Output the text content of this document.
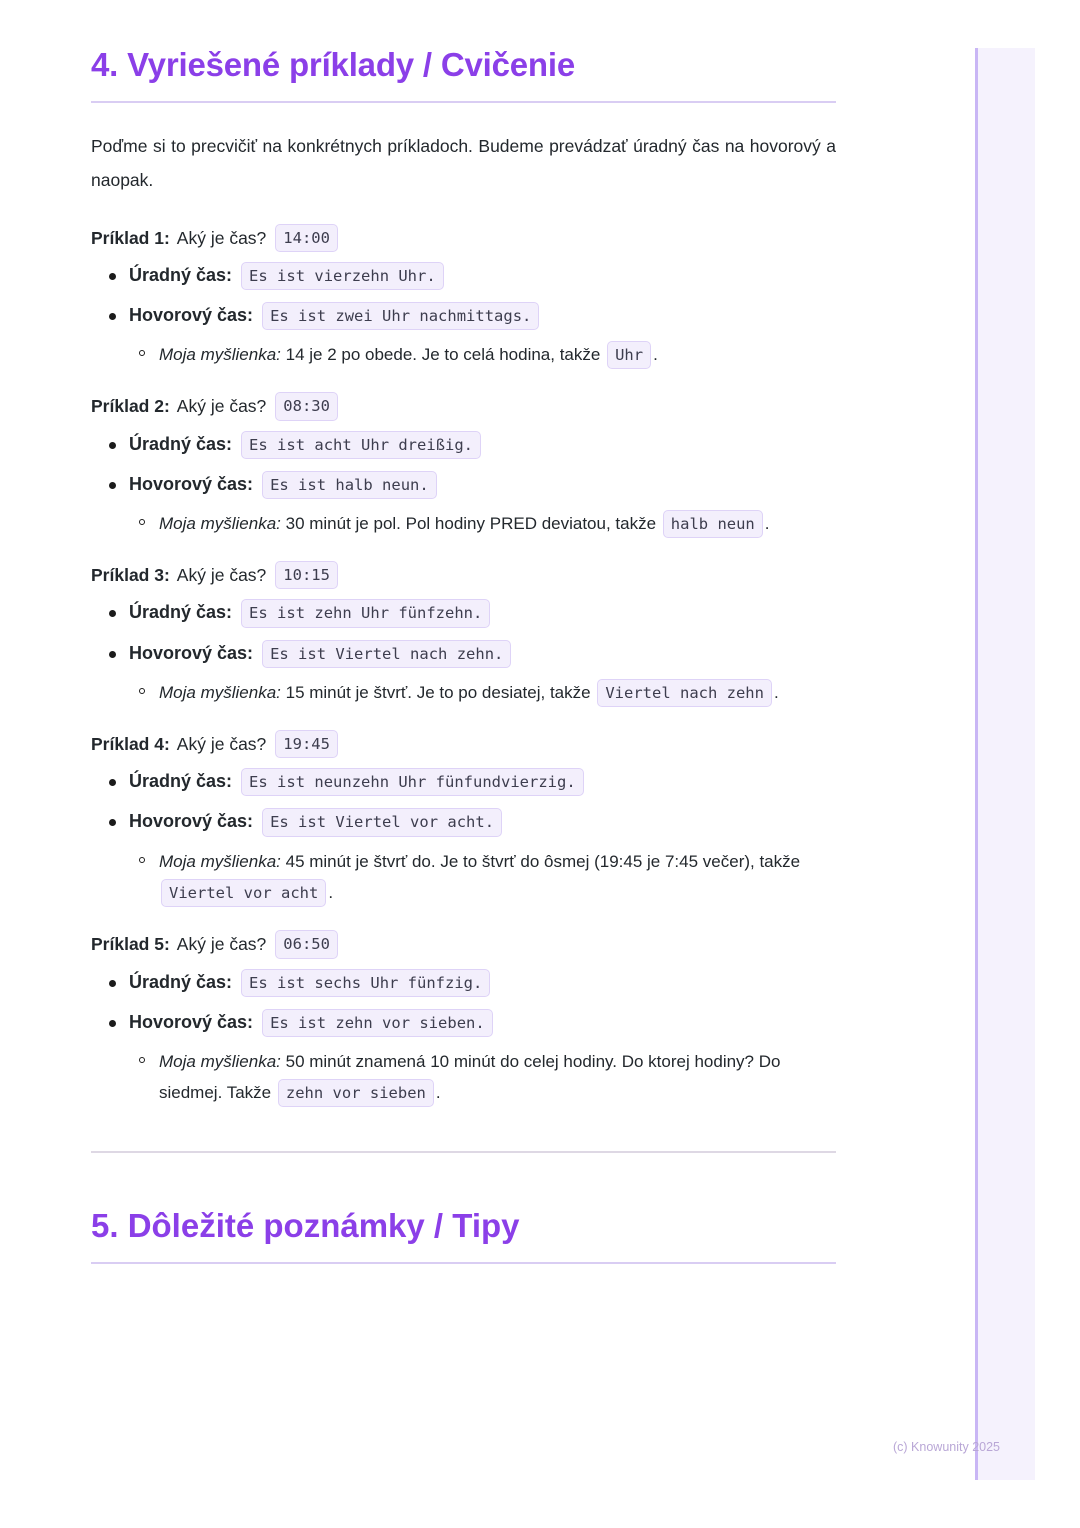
4. Vyriešené príklady / Cvičenie

Poďme si to precvičiť na konkrétnych príkladoch. Budeme prevádzať úradný čas na hovorový a naopak.

Príklad 1: Aký je čas?	14:00
Úradný čas:	Es ist vierzehn Uhr.
Hovorový čas:	Es ist zwei Uhr nachmittags.
Moja myšlienka: 14 je 2 po obede. Je to celá hodina, takže Uhr .
Príklad 2: Aký je čas?	08:30
Úradný čas:	Es ist acht Uhr dreißig.
Hovorový čas:	Es ist halb neun.
Moja myšlienka: 30 minút je pol. Pol hodiny PRED deviatou, takže halb neun .
Príklad 3: Aký je čas?	10:15
Úradný čas:	Es ist zehn Uhr fünfzehn.
Hovorový čas:	Es ist Viertel nach zehn.
Moja myšlienka: 15 minút je štvrť. Je to po desiatej, takže Viertel nach zehn .
Príklad 4: Aký je čas?	19:45
Úradný čas:	Es ist neunzehn Uhr fünfundvierzig.
Hovorový čas:	Es ist Viertel vor acht.
Moja myšlienka: 45 minút je štvrť do. Je to štvrť do ôsmej (19:45 je 7:45 večer), takže Viertel vor acht .
Príklad 5: Aký je čas?	06:50
Úradný čas:	Es ist sechs Uhr fünfzig.
Hovorový čas:	Es ist zehn vor sieben.
Moja myšlienka: 50 minút znamená 10 minút do celej hodiny. Do ktorej hodiny? Do siedmej. Takže zehn vor sieben .
5. Dôležité poznámky / Tipy
(c) Knowunity 2025
